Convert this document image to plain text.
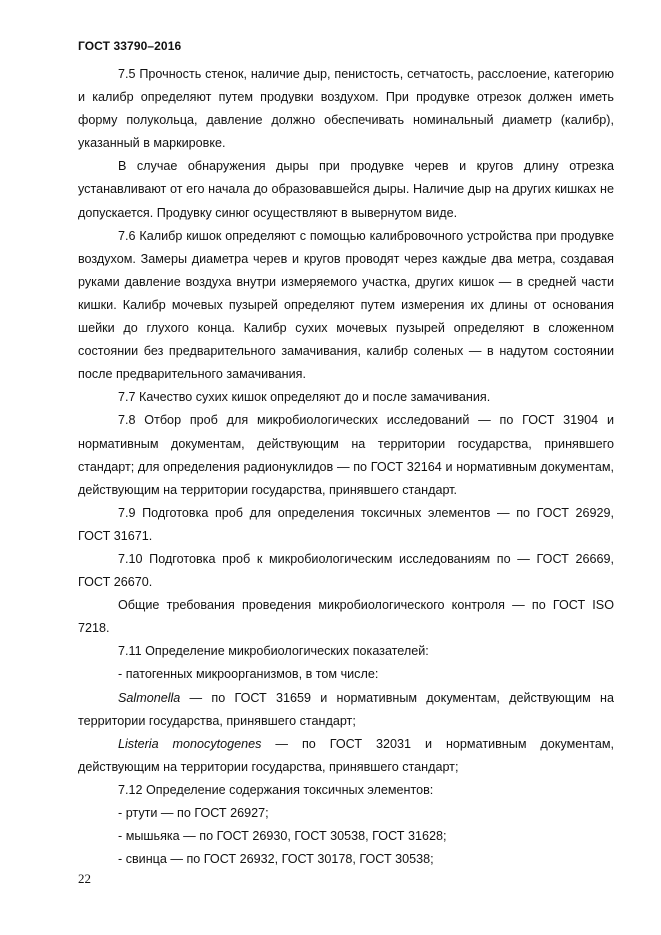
ГОСТ 33790–2016

7.5 Прочность стенок, наличие дыр, пенистость, сетчатость, расслоение, категорию и калибр определяют путем продувки воздухом. При продувке отрезок должен иметь форму полукольца, давление должно обеспечивать номинальный диаметр (калибр), указанный в маркировке.

В случае обнаружения дыры при продувке черев и кругов длину отрезка устанавливают от его начала до образовавшейся дыры. Наличие дыр на других кишках не допускается. Продувку синюг осуществляют в вывернутом виде.

7.6 Калибр кишок определяют с помощью калибровочного устройства при продувке воздухом. Замеры диаметра черев и кругов проводят через каждые два метра, создавая руками давление воздуха внутри измеряемого участка, других кишок — в средней части кишки. Калибр мочевых пузырей определяют путем измерения их длины от основания шейки до глухого конца. Калибр сухих мочевых пузырей определяют в сложенном состоянии без предварительного замачивания, калибр соленых — в надутом состоянии после предварительного замачивания.

7.7 Качество сухих кишок определяют до и после замачивания.

7.8 Отбор проб для микробиологических исследований — по ГОСТ 31904 и нормативным документам, действующим на территории государства, принявшего стандарт; для определения радионуклидов — по ГОСТ 32164 и нормативным документам, действующим на территории государства, принявшего стандарт.

7.9 Подготовка проб для определения токсичных элементов — по ГОСТ 26929, ГОСТ 31671.

7.10 Подготовка проб к микробиологическим исследованиям по — ГОСТ 26669, ГОСТ 26670.

Общие требования проведения микробиологического контроля — по ГОСТ ISO 7218.

7.11 Определение микробиологических показателей:

- патогенных микроорганизмов, в том числе:

Salmonella — по ГОСТ 31659 и нормативным документам, действующим на территории государства, принявшего стандарт;

Listeria monocytogenes — по ГОСТ 32031 и нормативным документам, действующим на территории государства, принявшего стандарт;

7.12 Определение содержания токсичных элементов:

- ртути — по ГОСТ 26927;

- мышьяка — по ГОСТ 26930, ГОСТ 30538, ГОСТ 31628;

- свинца — по ГОСТ 26932, ГОСТ 30178, ГОСТ 30538;

22
